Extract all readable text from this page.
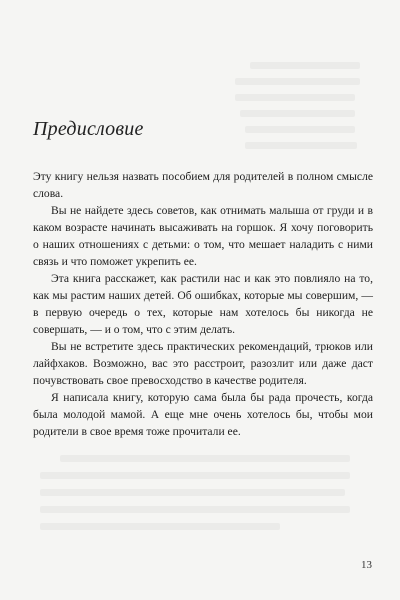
Предисловие

Эту книгу нельзя назвать пособием для родителей в полном смысле слова.

Вы не найдете здесь советов, как отнимать малыша от груди и в каком возрасте начинать высаживать на горшок. Я хочу поговорить о наших отношениях с детьми: о том, что мешает наладить с ними связь и что поможет укрепить ее.

Эта книга расскажет, как растили нас и как это повлияло на то, как мы растим наших детей. Об ошибках, которые мы совершим, — в первую очередь о тех, которые нам хотелось бы никогда не совершать, — и о том, что с этим делать.

Вы не встретите здесь практических рекомендаций, трюков или лайфхаков. Возможно, вас это расстроит, разозлит или даже даст почувствовать свое превосходство в качестве родителя.

Я написала книгу, которую сама была бы рада прочесть, когда была молодой мамой. А еще мне очень хотелось бы, чтобы мои родители в свое время тоже прочитали ее.

13
